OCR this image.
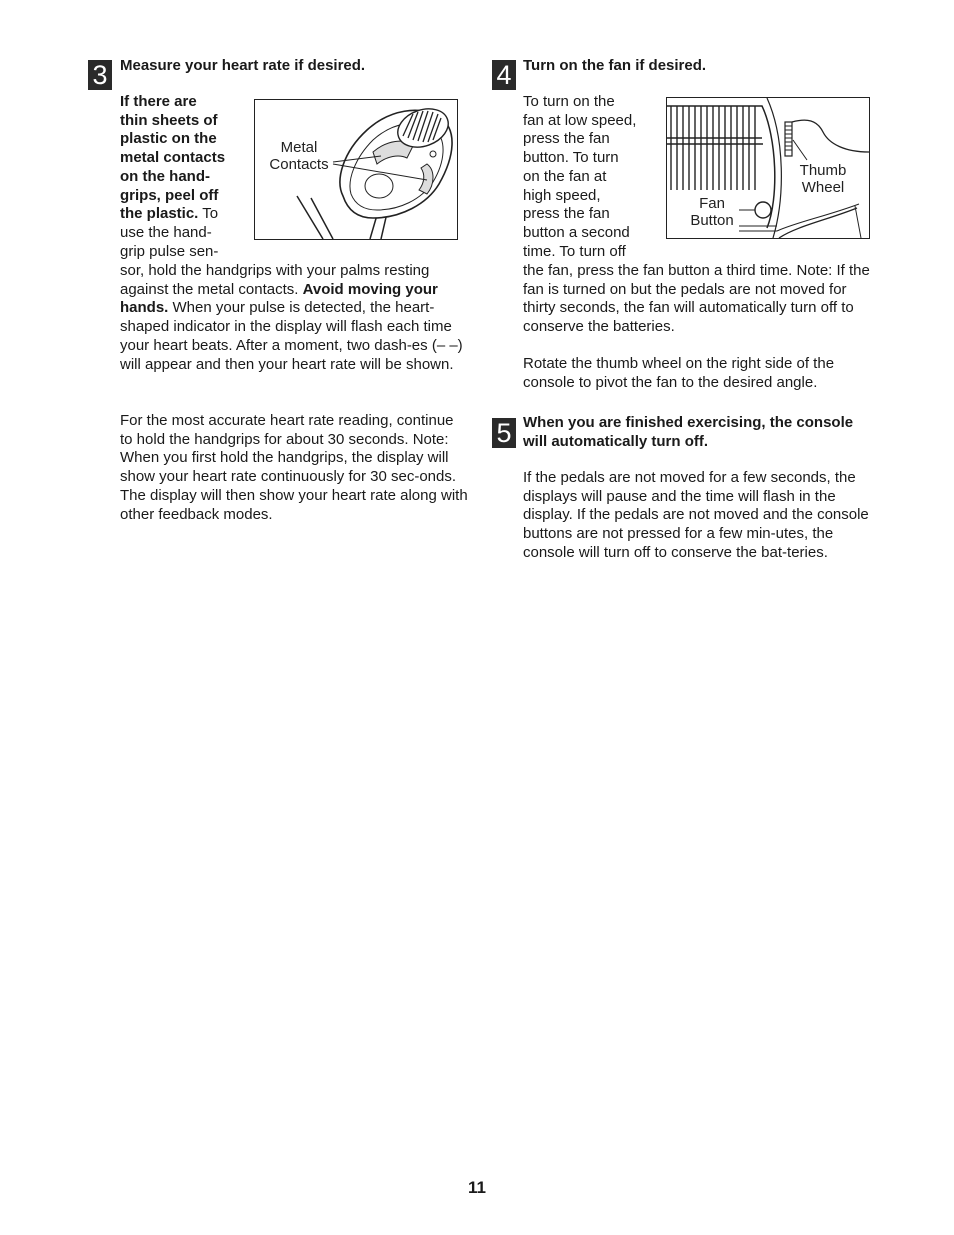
3 Measure your heart rate if desired.
If there are
thin sheets of
plastic on the
metal contacts
on the hand-
grips, peel off
the plastic. To
use the hand-
grip pulse sen-
sor, hold the handgrips with your palms resting against the metal contacts. Avoid moving your hands. When your pulse is detected, the heart-shaped indicator in the display will flash each time your heart beats. After a moment, two dash-es (– –) will appear and then your heart rate will be shown.
For the most accurate heart rate reading, continue to hold the handgrips for about 30 seconds. Note: When you first hold the handgrips, the display will show your heart rate continuously for 30 sec-onds. The display will then show your heart rate along with other feedback modes.
Metal
Contacts
4 Turn on the fan if desired.
To turn on the
fan at low speed,
press the fan
button. To turn
on the fan at
high speed,
press the fan
button a second
time. To turn off
the fan, press the fan button a third time. Note: If the fan is turned on but the pedals are not moved for thirty seconds, the fan will automatically turn off to conserve the batteries.
Rotate the thumb wheel on the right side of the console to pivot the fan to the desired angle.
Thumb
Wheel
Fan
Button
5 When you are finished exercising, the console
will automatically turn off.
If the pedals are not moved for a few seconds, the displays will pause and the time will flash in the display. If the pedals are not moved and the console buttons are not pressed for a few min-utes, the console will turn off to conserve the bat-teries.
11
